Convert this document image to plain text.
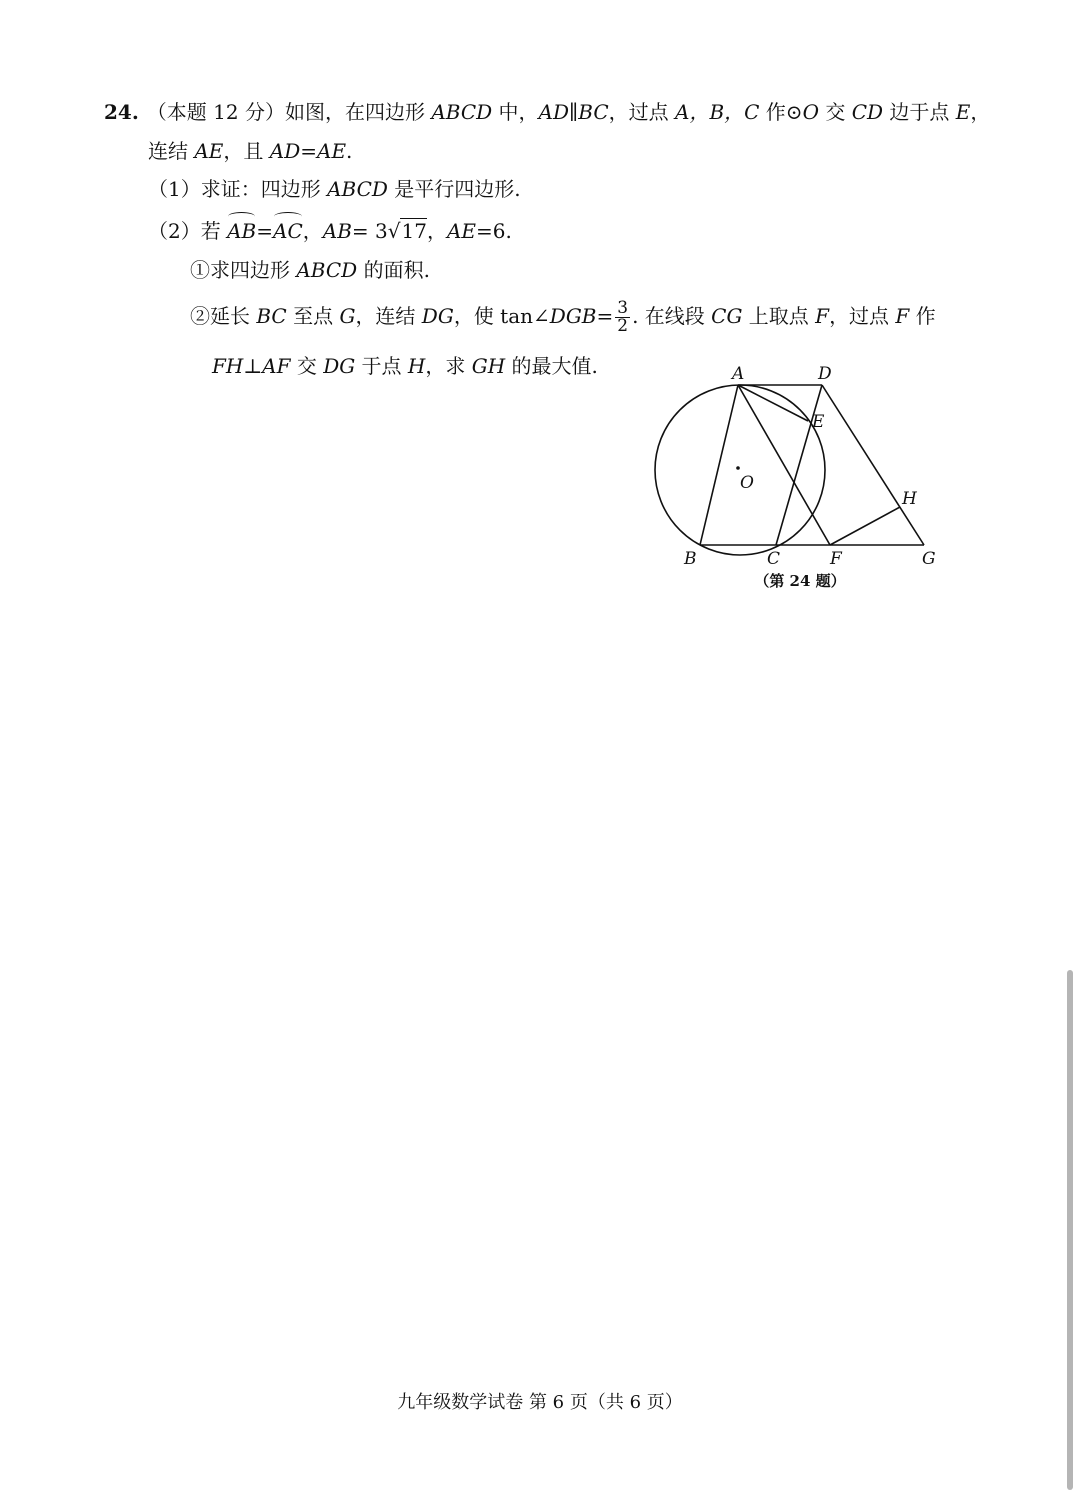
24. （本题 12 分）如图，在四边形 ABCD 中，AD∥BC，过点 A，B，C 作⊙O 交 CD 边于点 E，
连结 AE，且 AD=AE.
（1）求证：四边形 ABCD 是平行四边形.
（2）若 AB=AC，AB= 3√17，AE=6.
①求四边形 ABCD 的面积.
②延长 BC 至点 G，连结 DG，使 tan∠DGB= $\frac{3}{2}$ . 在线段 CG 上取点 F，过点 F 作
FH⊥AF 交 DG 于点 H，求 GH 的最大值.	A	D
E
O
H
B	C	F	G
（第 24 题）
九年级数学试卷 第 6 页（共 6 页）
